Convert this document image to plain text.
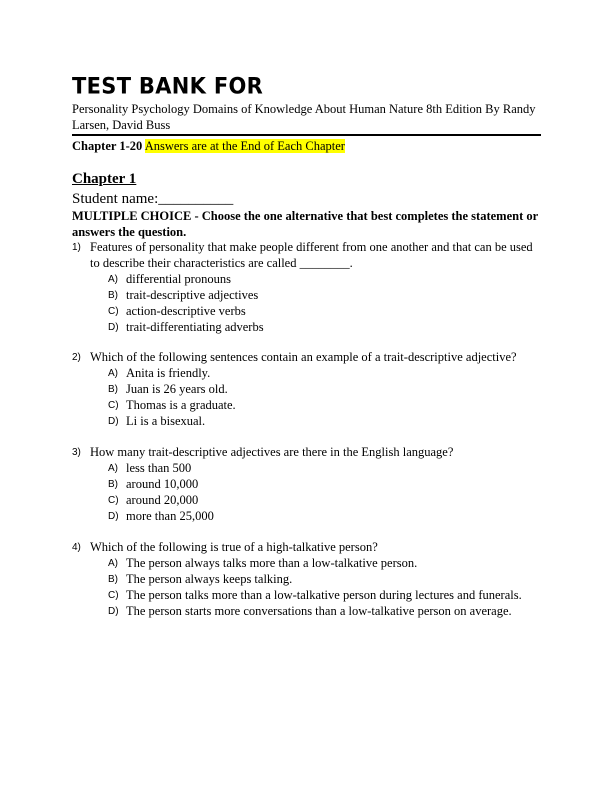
TEST BANK FOR
Personality Psychology Domains of Knowledge About Human Nature 8th Edition By Randy Larsen, David Buss
Chapter 1-20 Answers are at the End of Each Chapter
Chapter 1
Student name:__________
MULTIPLE CHOICE - Choose the one alternative that best completes the statement or answers the question.
1) Features of personality that make people different from one another and that can be used to describe their characteristics are called ________.
A) differential pronouns
B) trait-descriptive adjectives
C) action-descriptive verbs
D) trait-differentiating adverbs
2) Which of the following sentences contain an example of a trait-descriptive adjective?
A) Anita is friendly.
B) Juan is 26 years old.
C) Thomas is a graduate.
D) Li is a bisexual.
3) How many trait-descriptive adjectives are there in the English language?
A) less than 500
B) around 10,000
C) around 20,000
D) more than 25,000
4) Which of the following is true of a high-talkative person?
A) The person always talks more than a low-talkative person.
B) The person always keeps talking.
C) The person talks more than a low-talkative person during lectures and funerals.
D) The person starts more conversations than a low-talkative person on average.
